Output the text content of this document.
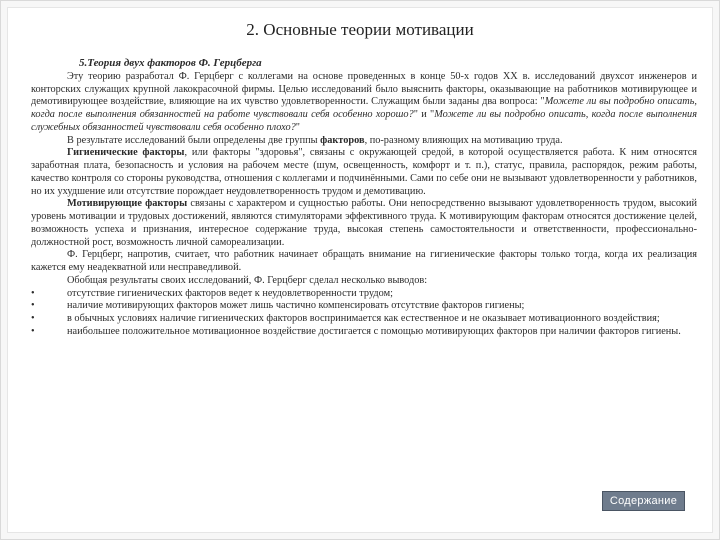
2. Основные теории мотивации

5.Теория двух факторов Ф. Герцберга

Эту теорию разработал Ф. Герцберг с коллегами на основе проведенных в конце 50-х годов XX в. исследований двухсот инженеров и конторских служащих крупной лакокрасочной фирмы. Целью исследований было выяснить факторы, оказывающие на работников мотивирующее и демотивирующее воздействие, влияющие на их чувство удовлетворенности. Служащим были заданы два вопроса: "Можете ли вы подробно описать, когда после выполнения обязанностей на работе чувствовали себя особенно хорошо?" и "Можете ли вы подробно описать, когда после выполнения служебных обязанностей чувствовали себя особенно плохо?"

В результате исследований были определены две группы факторов, по-разному влияющих на мотивацию труда.

Гигиенические факторы, или факторы "здоровья", связаны с окружающей средой, в которой осуществляется работа. К ним относятся заработная плата, безопасность и условия на рабочем месте (шум, освещенность, комфорт и т. п.), статус, правила, распорядок, режим работы, качество контроля со стороны руководства, отношения с коллегами и подчинёнными. Сами по себе они не вызывают удовлетворенности у работников, но их ухудшение или отсутствие порождает неудовлетворенность трудом и демотивацию.

Мотивирующие факторы связаны с характером и сущностью работы. Они непосредственно вызывают удовлетворенность трудом, высокий уровень мотивации и трудовых достижений, являются стимуляторами эффективного труда. К мотивирующим факторам относятся достижение целей, возможность успеха и признания, интересное содержание труда, высокая степень самостоятельности и ответственности, профессионально-должностной рост, возможность личной самореализации.

Ф. Герцберг, напротив, считает, что работник начинает обращать внимание на гигиенические факторы только тогда, когда их реализация кажется ему неадекватной или несправедливой.

Обобщая результаты своих исследований, Ф. Герцберг сделал несколько выводов:

•	отсутствие гигиенических факторов ведет к неудовлетворенности трудом;
•	наличие мотивирующих факторов может лишь частично компенсировать отсутствие факторов гигиены;
•	в обычных условиях наличие гигиенических факторов воспринимается как естественное и не оказывает мотивационного воздействия;
•	наибольшее положительное мотивационное воздействие достигается с помощью мотивирующих факторов при наличии факторов гигиены.
Содержание
